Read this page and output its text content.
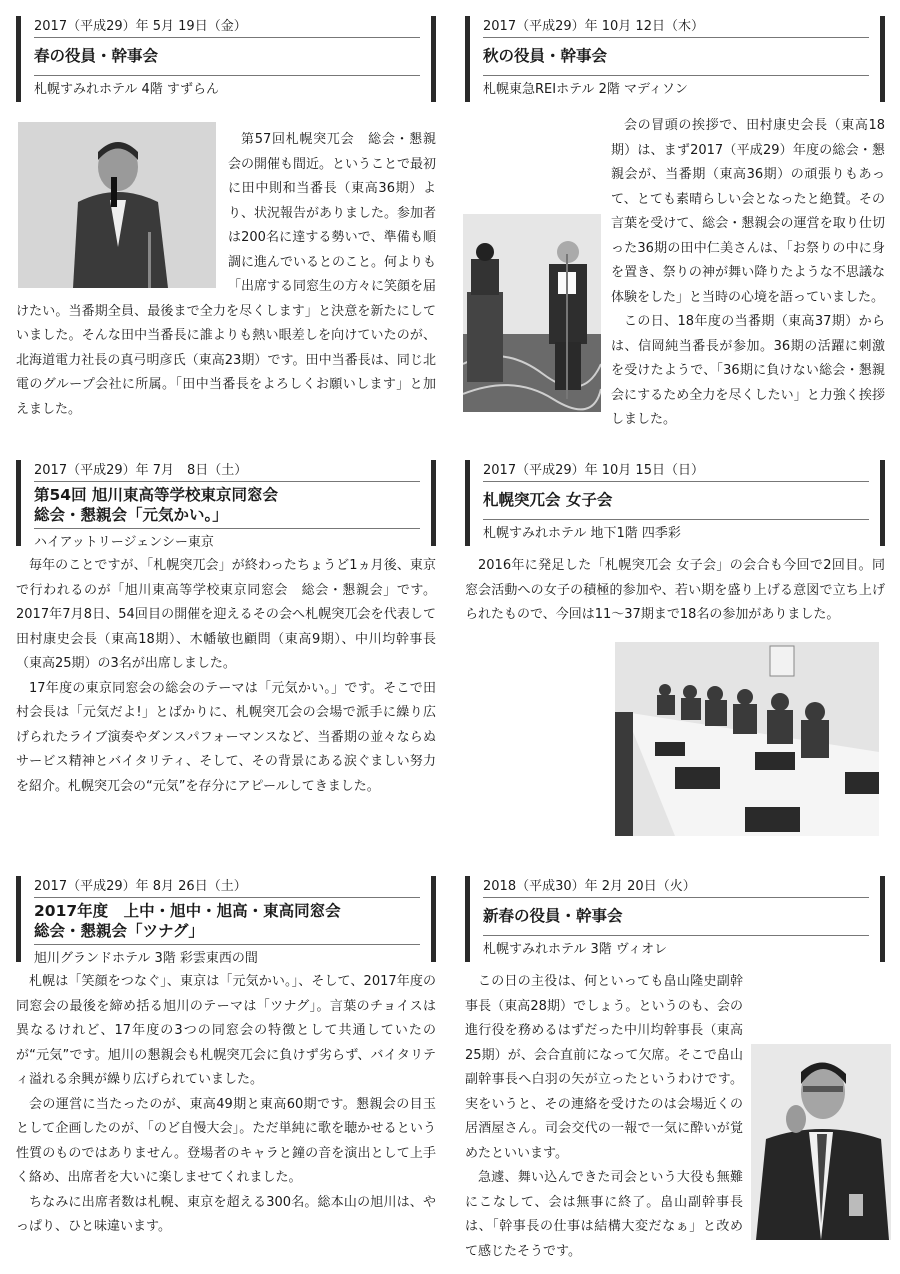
2017（平成29）年 5月 19日（金）
春の役員・幹事会
札幌すみれホテル 4階 すずらん

第57回札幌突兀会　総会・懇親会の開催も間近。ということで最初に田中則和当番長（東高36期）より、状況報告がありました。参加者は200名に達する勢いで、準備も順調に進んでいるとのこと。何よりも「出席する同窓生の方々に笑顔を届けたい。当番期全員、最後まで全力を尽くします」と決意を新たにしていました。そんな田中当番長に誰よりも熱い眼差しを向けていたのが、北海道電力社長の真弓明彦氏（東高23期）です。田中当番長は、同じ北電のグループ会社に所属。「田中当番長をよろしくお願いします」と加えました。

2017（平成29）年 10月 12日（木）
秋の役員・幹事会
札幌東急REIホテル 2階 マディソン

会の冒頭の挨拶で、田村康史会長（東高18期）は、まず2017（平成29）年度の総会・懇親会が、当番期（東高36期）の頑張りもあって、とても素晴らしい会となったと絶賛。その言葉を受けて、総会・懇親会の運営を取り仕切った36期の田中仁美さんは、「お祭りの中に身を置き、祭りの神が舞い降りたような不思議な体験をした」と当時の心境を語っていました。

この日、18年度の当番期（東高37期）からは、信岡純当番長が参加。36期の活躍に刺激を受けたようで、「36期に負けない総会・懇親会にするため全力を尽くしたい」と力強く挨拶しました。

2017（平成29）年 7月　8日（土）
第54回 旭川東高等学校東京同窓会
総会・懇親会「元気かい。」
ハイアットリージェンシー東京

毎年のことですが、「札幌突兀会」が終わったちょうど1ヵ月後、東京で行われるのが「旭川東高等学校東京同窓会　総会・懇親会」です。2017年7月8日、54回目の開催を迎えるその会へ札幌突兀会を代表して田村康史会長（東高18期）、木幡敏也顧問（東高9期）、中川均幹事長（東高25期）の3名が出席しました。

17年度の東京同窓会の総会のテーマは「元気かい。」です。そこで田村会長は「元気だよ!」とばかりに、札幌突兀会の会場で派手に繰り広げられたライブ演奏やダンスパフォーマンスなど、当番期の並々ならぬサービス精神とバイタリティ、そして、その背景にある涙ぐましい努力を紹介。札幌突兀会の“元気”を存分にアピールしてきました。

2017（平成29）年 10月 15日（日）
札幌突兀会 女子会
札幌すみれホテル 地下1階 四季彩

2016年に発足した「札幌突兀会 女子会」の会合も今回で2回目。同窓会活動への女子の積極的参加や、若い期を盛り上げる意図で立ち上げられたもので、今回は11〜37期まで18名の参加がありました。

2017（平成29）年 8月 26日（土）
2017年度　上中・旭中・旭高・東高同窓会
総会・懇親会「ツナグ」
旭川グランドホテル 3階 彩雲東西の間

札幌は「笑顔をつなぐ」、東京は「元気かい。」、そして、2017年度の同窓会の最後を締め括る旭川のテーマは「ツナグ」。言葉のチョイスは異なるけれど、17年度の3つの同窓会の特徴として共通していたのが“元気”です。旭川の懇親会も札幌突兀会に負けず劣らず、バイタリティ溢れる余興が繰り広げられていました。

会の運営に当たったのが、東高49期と東高60期です。懇親会の目玉として企画したのが、「のど自慢大会」。ただ単純に歌を聴かせるという性質のものではありません。登場者のキャラと鐘の音を演出として上手く絡め、出席者を大いに楽しませてくれました。

ちなみに出席者数は札幌、東京を超える300名。総本山の旭川は、やっぱり、ひと味違います。

2018（平成30）年 2月 20日（火）
新春の役員・幹事会
札幌すみれホテル 3階 ヴィオレ

この日の主役は、何といっても畠山隆史副幹事長（東高28期）でしょう。というのも、会の進行役を務めるはずだった中川均幹事長（東高25期）が、会合直前になって欠席。そこで畠山副幹事長へ白羽の矢が立ったというわけです。実をいうと、その連絡を受けたのは会場近くの居酒屋さん。司会交代の一報で一気に酔いが覚めたといいます。

急遽、舞い込んできた司会という大役も無難にこなして、会は無事に終了。畠山副幹事長は、「幹事長の仕事は結構大変だなぁ」と改めて感じたそうです。
